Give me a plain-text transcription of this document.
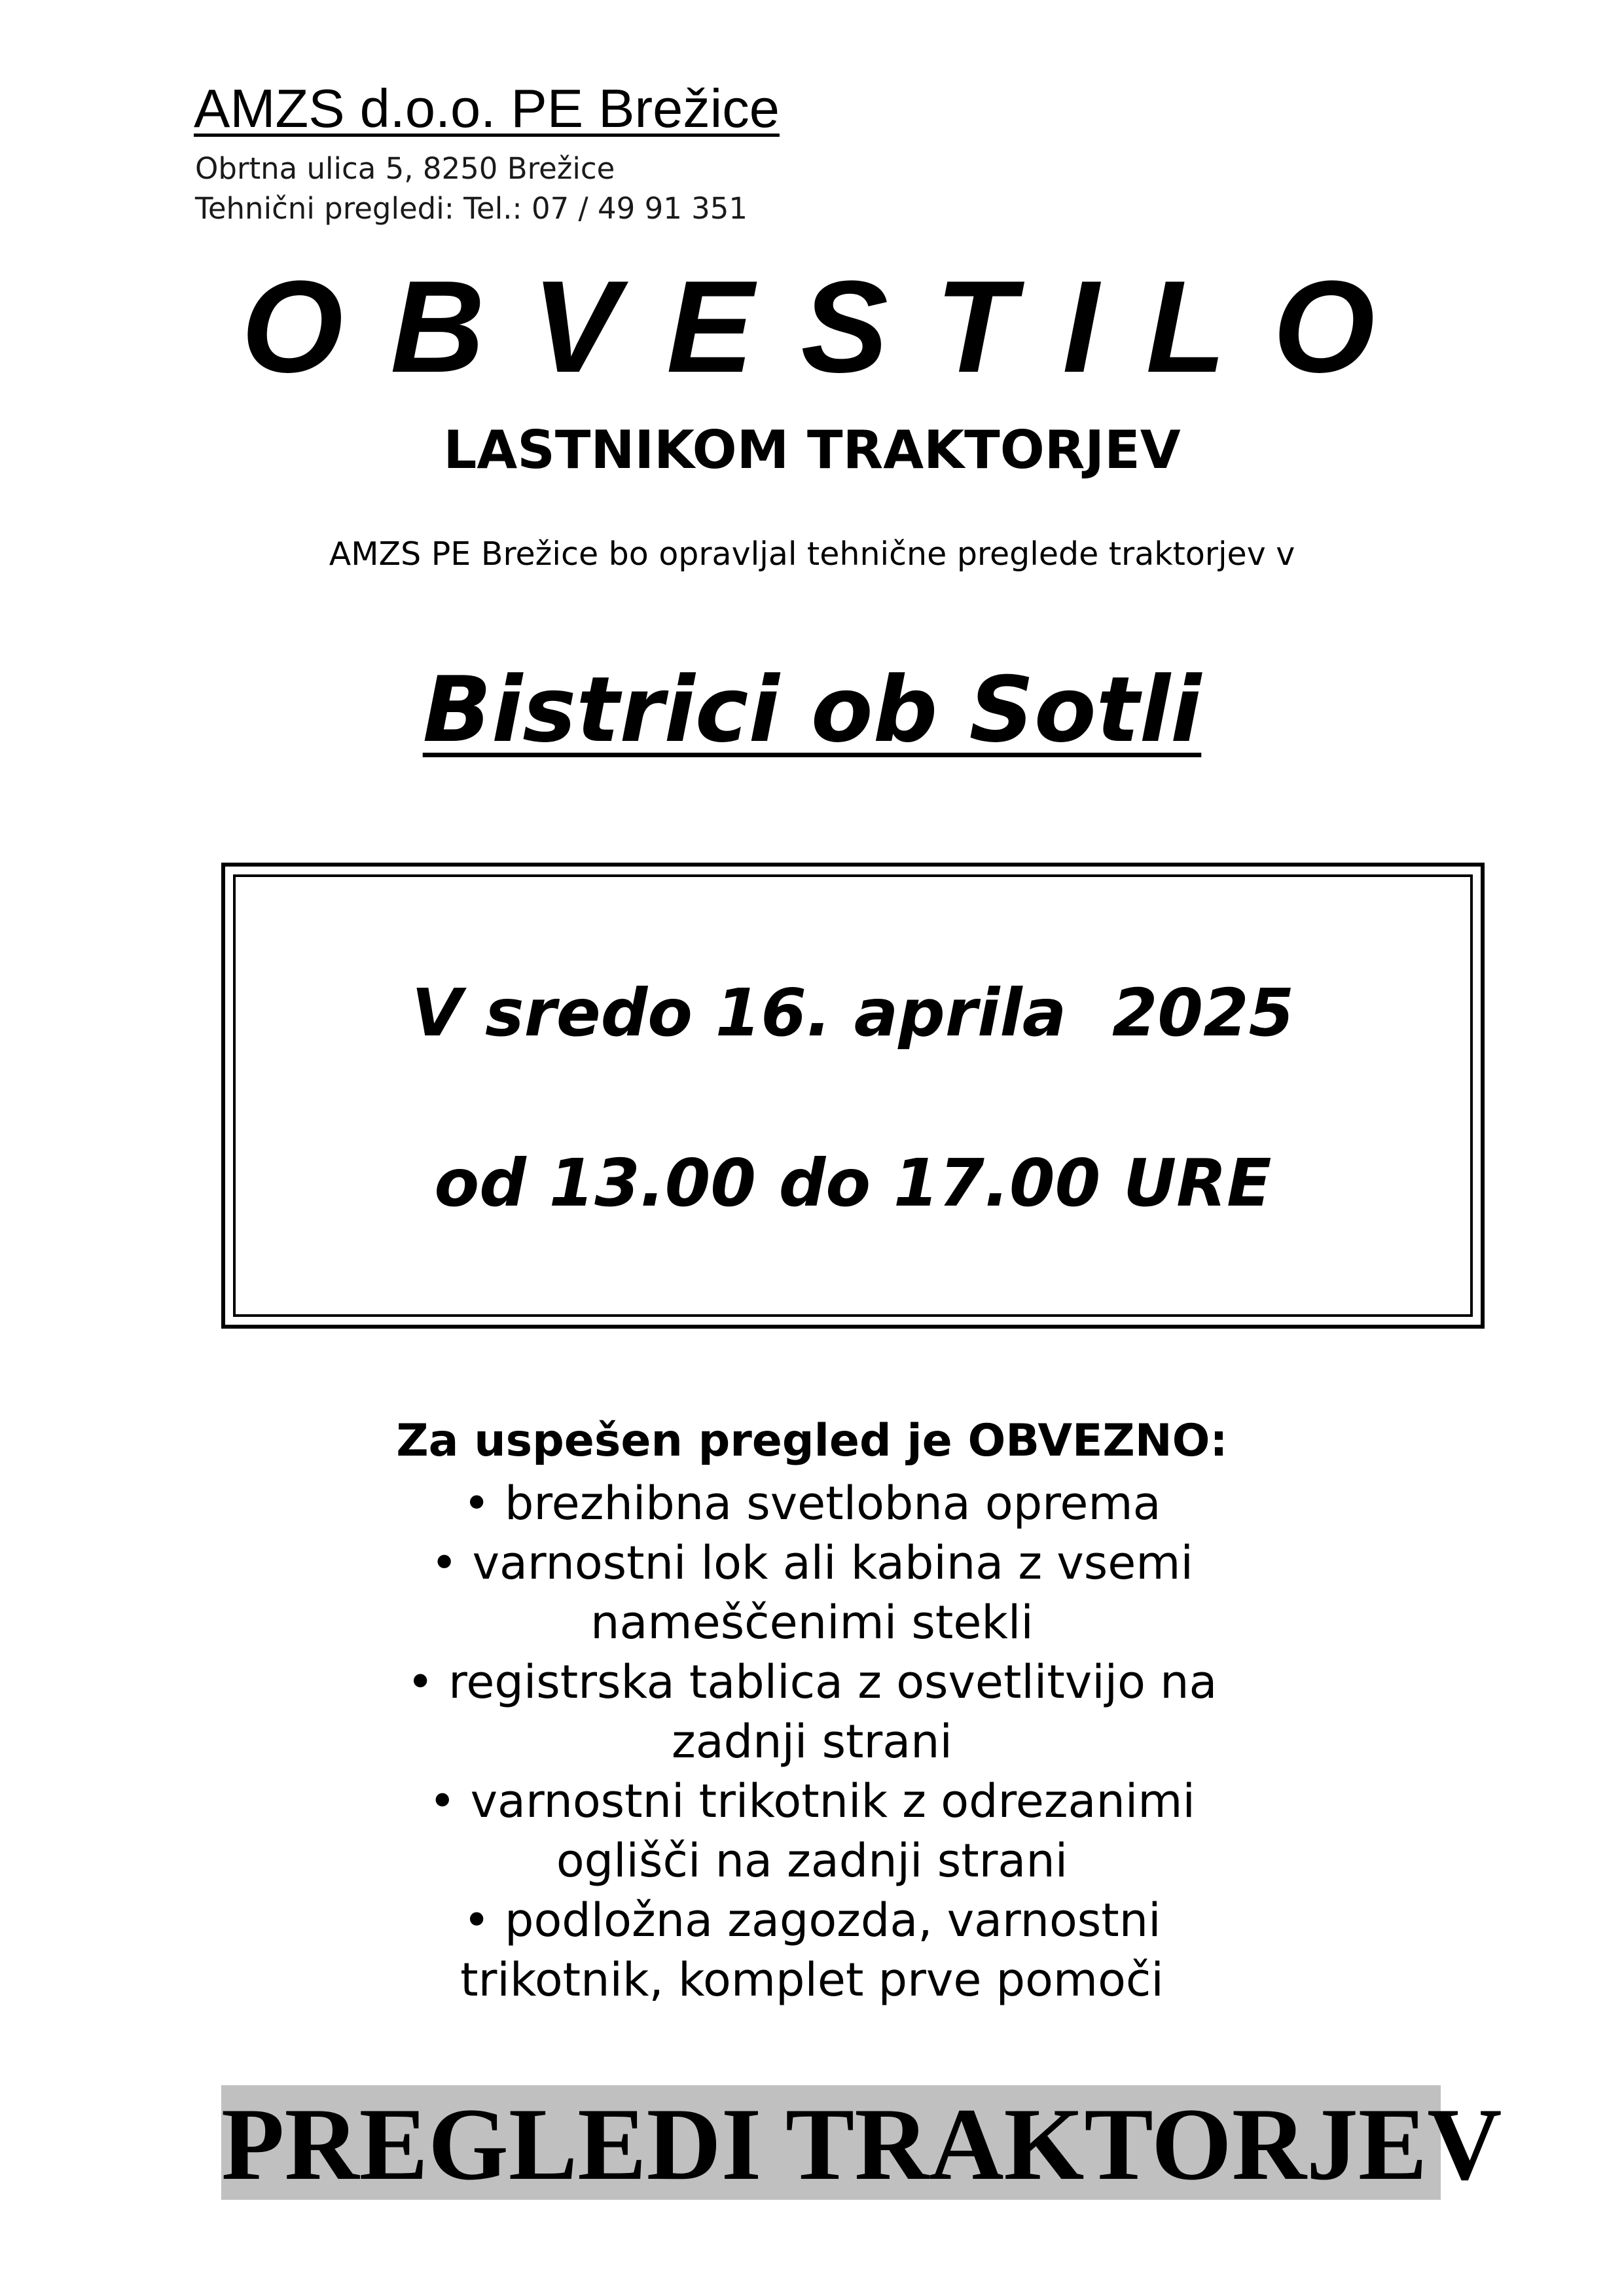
AMZS d.o.o. PE Brežice
Obrtna ulica 5, 8250 Brežice
Tehnični pregledi: Tel.: 07 / 49 91 351
OBVESTILO
LASTNIKOM TRAKTORJEV
AMZS PE Brežice bo opravljal tehnične preglede traktorjev v
Bistrici ob Sotli
V sredo 16. aprila  2025
od 13.00 do 17.00 URE
Za uspešen pregled je OBVEZNO:
• brezhibna svetlobna oprema
• varnostni lok ali kabina z vsemi
nameščenimi stekli
• registrska tablica z osvetlitvijo na
zadnji strani
• varnostni trikotnik z odrezanimi
oglišči na zadnji strani
• podložna zagozda, varnostni
trikotnik, komplet prve pomoči
PREGLEDI TRAKTORJEV
